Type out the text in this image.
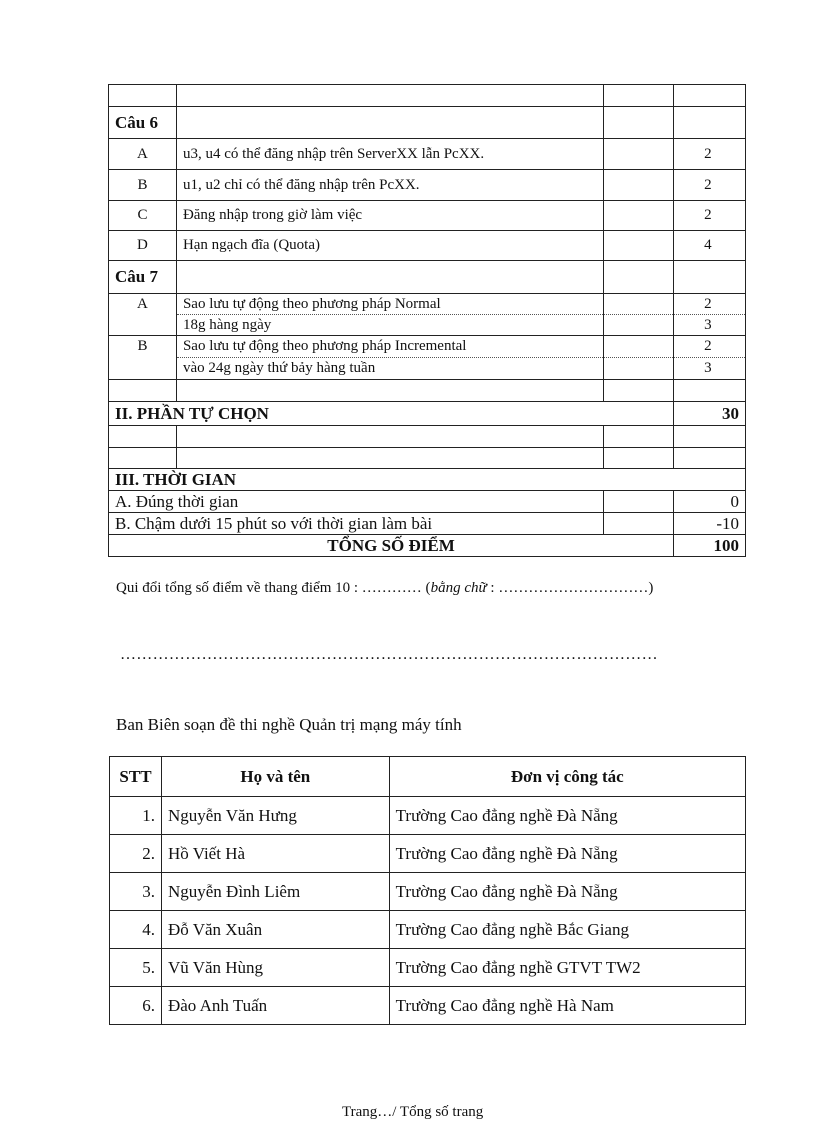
Câu 6			
A	u3, u4 có thể đăng nhập trên ServerXX lẫn PcXX.		2
B	u1, u2 chỉ có thể đăng nhập trên PcXX.		2
C	Đăng nhập trong giờ làm việc		2
D	Hạn ngạch đĩa (Quota)		4
Câu 7			
A	Sao lưu tự động theo phương pháp Normal		2
	18g hàng ngày		3
B	Sao lưu tự động theo phương pháp Incremental		2
	vào 24g ngày thứ bảy hàng tuần		3

II. PHẦN TỰ CHỌN			30

III. THỜI GIAN			
A. Đúng thời gian			0
B. Chậm dưới 15 phút so với thời gian làm bài			-10
TỔNG SỐ ĐIỂM			100
Qui đổi tổng số điểm về thang điểm 10 : ………… (bằng chữ : …………………………)
………………………………………………………………………………………
Ban Biên soạn đề thi nghề Quản trị mạng máy tính
STT	Họ và tên	Đơn vị công tác
1.	Nguyễn Văn Hưng	Trường Cao đẳng nghề Đà Nẵng
2.	Hồ Viết Hà	Trường Cao đẳng nghề Đà Nẵng
3.	Nguyễn Đình Liêm	Trường Cao đẳng nghề Đà Nẵng
4.	Đỗ Văn Xuân	Trường Cao đẳng nghề Bắc Giang
5.	Vũ Văn Hùng	Trường Cao đẳng nghề GTVT TW2
6.	Đào Anh Tuấn	Trường Cao đẳng nghề Hà Nam
Trang…/ Tổng số trang
